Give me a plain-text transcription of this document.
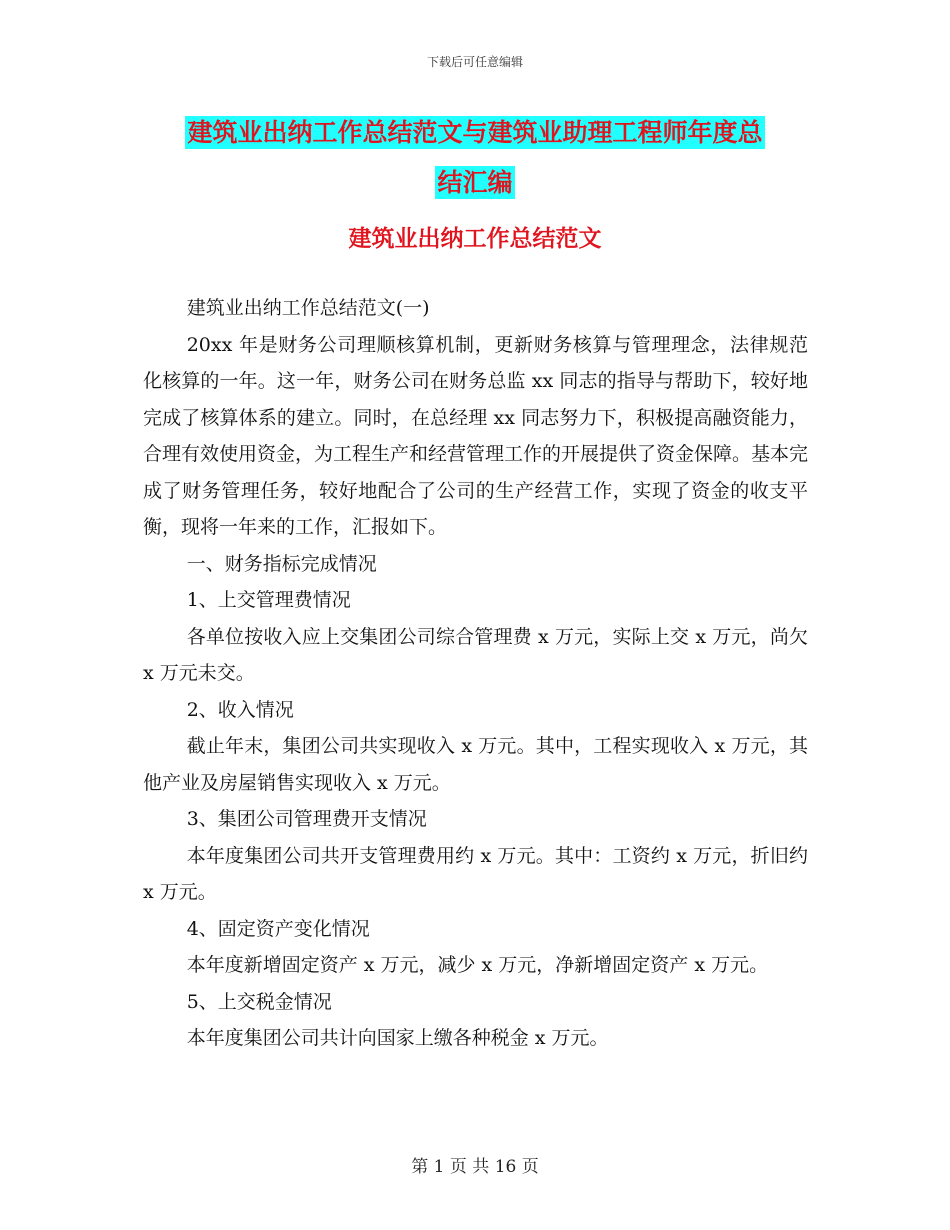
下载后可任意编辑
建筑业出纳工作总结范文与建筑业助理工程师年度总
结汇编
建筑业出纳工作总结范文

建筑业出纳工作总结范文(一)

20xx 年是财务公司理顺核算机制，更新财务核算与管理理念，法律规范化核算的一年。这一年，财务公司在财务总监 xx 同志的指导与帮助下，较好地完成了核算体系的建立。同时，在总经理 xx 同志努力下，积极提高融资能力，合理有效使用资金，为工程生产和经营管理工作的开展提供了资金保障。基本完成了财务管理任务，较好地配合了公司的生产经营工作，实现了资金的收支平衡，现将一年来的工作，汇报如下。

一、财务指标完成情况

1、上交管理费情况

各单位按收入应上交集团公司综合管理费 x 万元，实际上交 x 万元，尚欠 x 万元未交。

2、收入情况

截止年末，集团公司共实现收入 x 万元。其中，工程实现收入 x 万元，其他产业及房屋销售实现收入 x 万元。

3、集团公司管理费开支情况

本年度集团公司共开支管理费用约 x 万元。其中：工资约 x 万元，折旧约 x 万元。

4、固定资产变化情况

本年度新增固定资产 x 万元，减少 x 万元，净新增固定资产 x 万元。

5、上交税金情况

本年度集团公司共计向国家上缴各种税金 x 万元。

第 1 页 共 16 页
